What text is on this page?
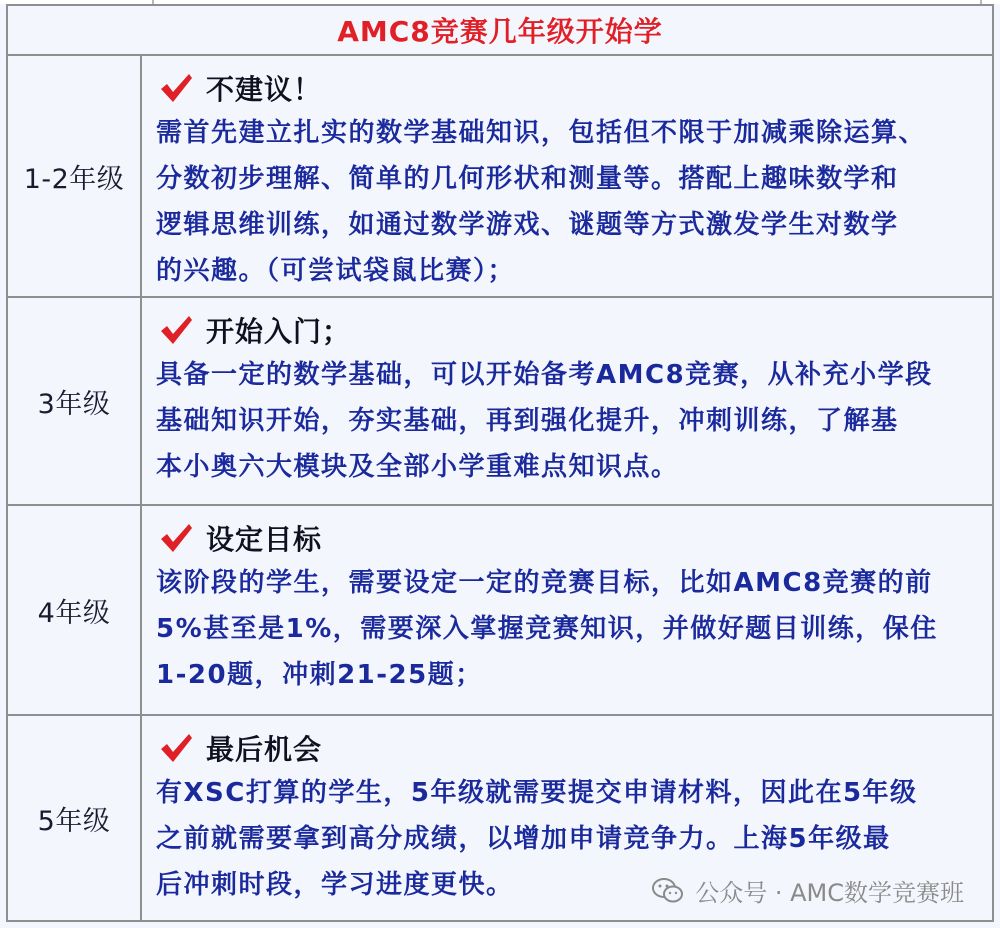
AMC8竞赛几年级开始学
1-2年级
不建议！
需首先建立扎实的数学基础知识，包括但不限于加减乘除运算、
分数初步理解、简单的几何形状和测量等。搭配上趣味数学和
逻辑思维训练，如通过数学游戏、谜题等方式激发学生对数学
的兴趣。（可尝试袋鼠比赛）；
3年级
开始入门；
具备一定的数学基础，可以开始备考AMC8竞赛，从补充小学段
基础知识开始，夯实基础，再到强化提升，冲刺训练，了解基
本小奥六大模块及全部小学重难点知识点。
4年级
设定目标
该阶段的学生，需要设定一定的竞赛目标，比如AMC8竞赛的前
5%甚至是1%，需要深入掌握竞赛知识，并做好题目训练，保住
1-20题，冲刺21-25题；
5年级
最后机会
有XSC打算的学生，5年级就需要提交申请材料，因此在5年级
之前就需要拿到高分成绩，以增加申请竞争力。上海5年级最
后冲刺时段，学习进度更快。	公众号 · AMC数学竞赛班
